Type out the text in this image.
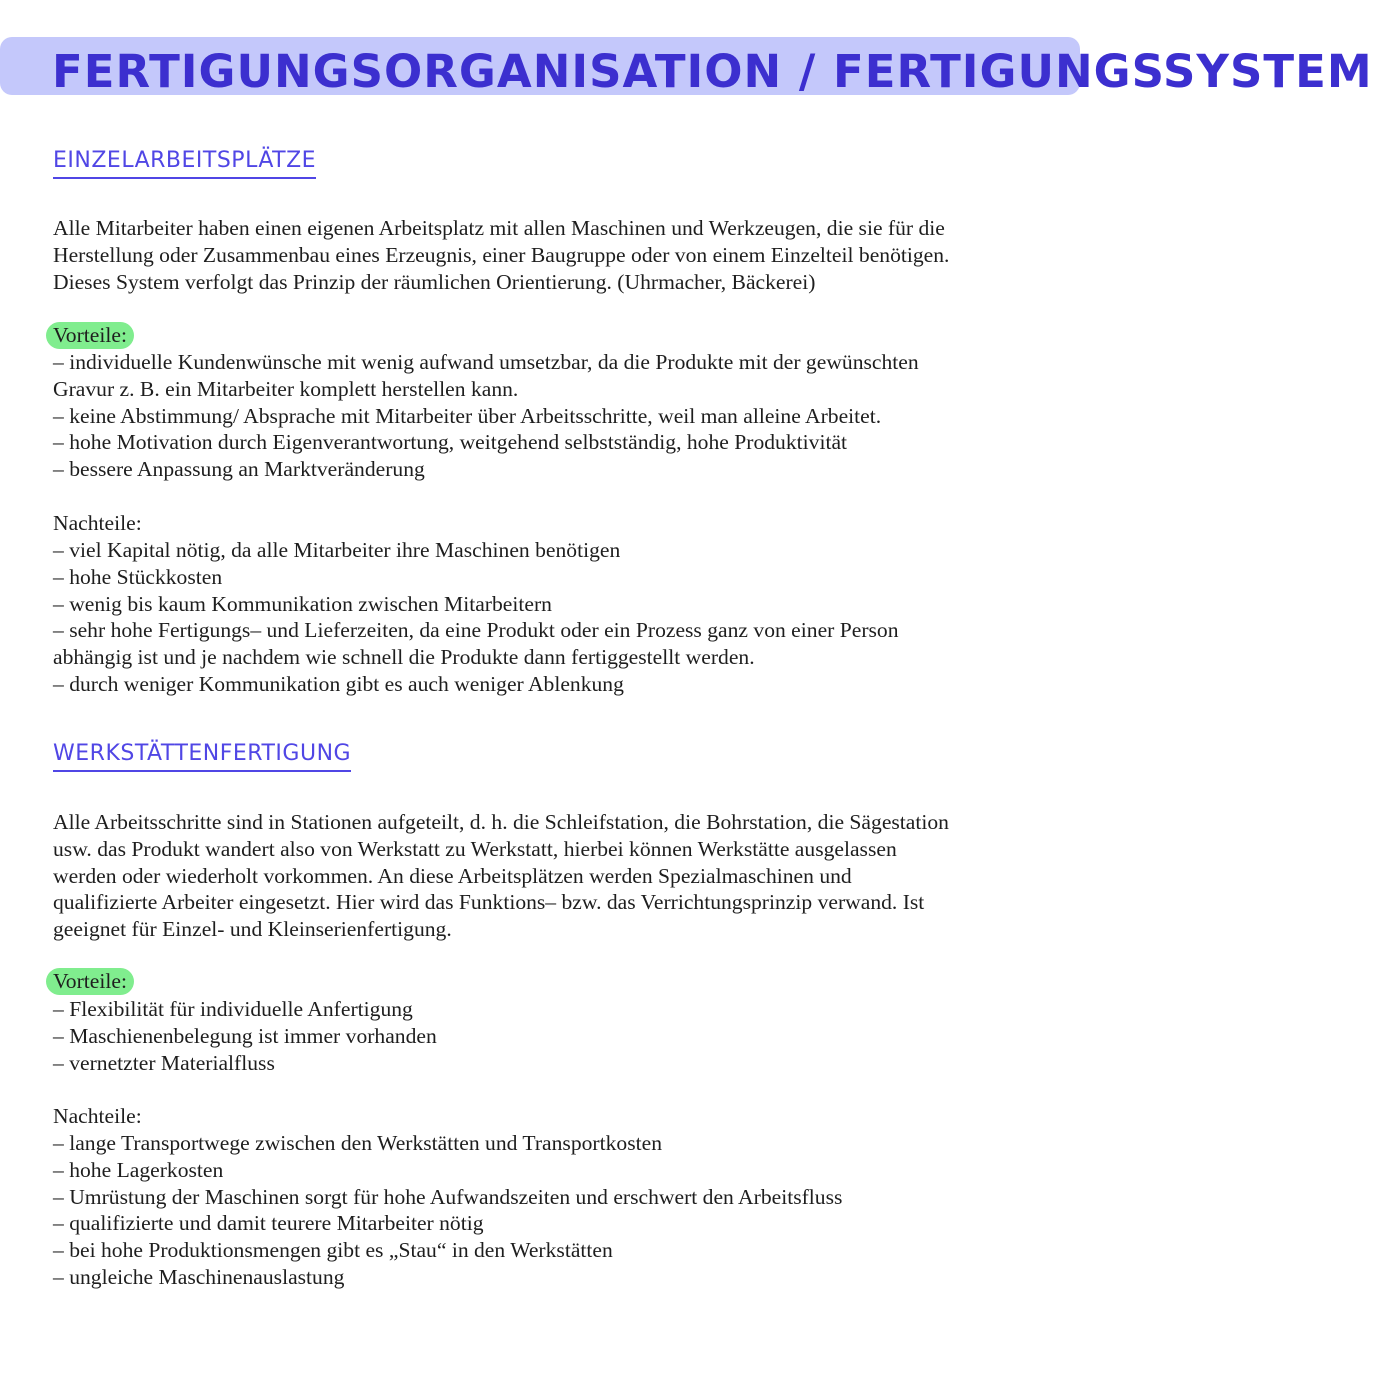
FERTIGUNGSORGANISATION / FERTIGUNGSSYSTEM
EINZELARBEITSPLÄTZE

Alle Mitarbeiter haben einen eigenen Arbeitsplatz mit allen Maschinen und Werkzeugen, die sie für die

Herstellung oder Zusammenbau eines Erzeugnis, einer Baugruppe oder von einem Einzelteil benötigen.

Dieses System verfolgt das Prinzip der räumlichen Orientierung. (Uhrmacher, Bäckerei)

Vorteile:
– individuelle Kundenwünsche mit wenig aufwand umsetzbar, da die Produkte mit der gewünschten
Gravur z. B. ein Mitarbeiter komplett herstellen kann.
– keine Abstimmung/ Absprache mit Mitarbeiter über Arbeitsschritte, weil man alleine Arbeitet.
– hohe Motivation durch Eigenverantwortung, weitgehend selbstständig, hohe Produktivität
– bessere Anpassung an Marktveränderung
Nachteile:
– viel Kapital nötig, da alle Mitarbeiter ihre Maschinen benötigen
– hohe Stückkosten
– wenig bis kaum Kommunikation zwischen Mitarbeitern
– sehr hohe Fertigungs– und Lieferzeiten, da eine Produkt oder ein Prozess ganz von einer Person
abhängig ist und je nachdem wie schnell die Produkte dann fertiggestellt werden.
– durch weniger Kommunikation gibt es auch weniger Ablenkung
WERKSTÄTTENFERTIGUNG

Alle Arbeitsschritte sind in Stationen aufgeteilt, d. h. die Schleifstation, die Bohrstation, die Sägestation

usw. das Produkt wandert also von Werkstatt zu Werkstatt, hierbei können Werkstätte ausgelassen

werden oder wiederholt vorkommen. An diese Arbeitsplätzen werden Spezialmaschinen und

qualifizierte Arbeiter eingesetzt. Hier wird das Funktions– bzw. das Verrichtungsprinzip verwand. Ist

geeignet für Einzel- und Kleinserienfertigung.

Vorteile:
– Flexibilität für individuelle Anfertigung
– Maschienenbelegung ist immer vorhanden
– vernetzter Materialfluss
Nachteile:
– lange Transportwege zwischen den Werkstätten und Transportkosten
– hohe Lagerkosten
– Umrüstung der Maschinen sorgt für hohe Aufwandszeiten und erschwert den Arbeitsfluss
– qualifizierte und damit teurere Mitarbeiter nötig
– bei hohe Produktionsmengen gibt es „Stau“ in den Werkstätten
– ungleiche Maschinenauslastung
